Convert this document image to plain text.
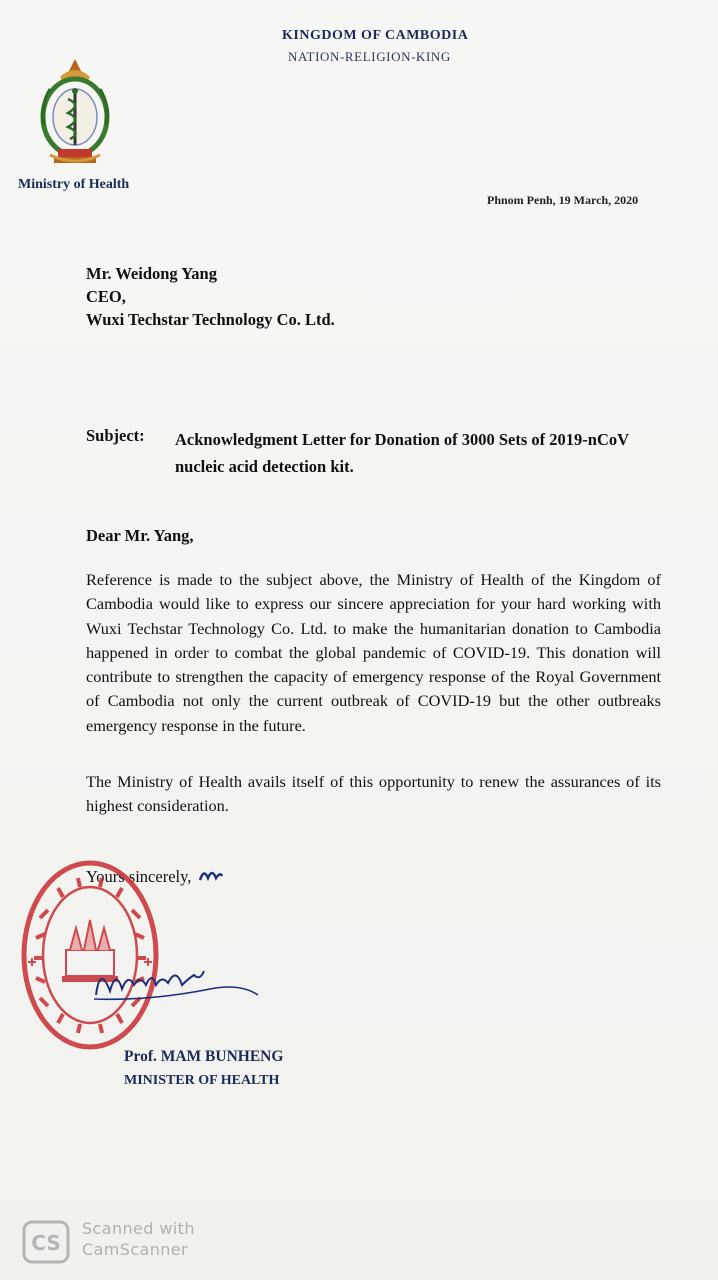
KINGDOM OF CAMBODIA
NATION-RELIGION-KING
Ministry of Health
Phnom Penh, 19 March, 2020
Mr. Weidong Yang
CEO,
Wuxi Techstar Technology Co. Ltd.
Subject: Acknowledgment Letter for Donation of 3000 Sets of 2019-nCoV
nucleic acid detection kit.
Dear Mr. Yang,
Reference is made to the subject above, the Ministry of Health of the Kingdom of Cambodia would like to express our sincere appreciation for your hard working with Wuxi Techstar Technology Co. Ltd. to make the humanitarian donation to Cambodia happened in order to combat the global pandemic of COVID-19. This donation will contribute to strengthen the capacity of emergency response of the Royal Government of Cambodia not only the current outbreak of COVID-19 but the other outbreaks emergency response in the future.
The Ministry of Health avails itself of this opportunity to renew the assurances of its highest consideration.
Yours sincerely,
Prof. MAM BUNHENG
MINISTER OF HEALTH
CS
Scanned with
CamScanner
